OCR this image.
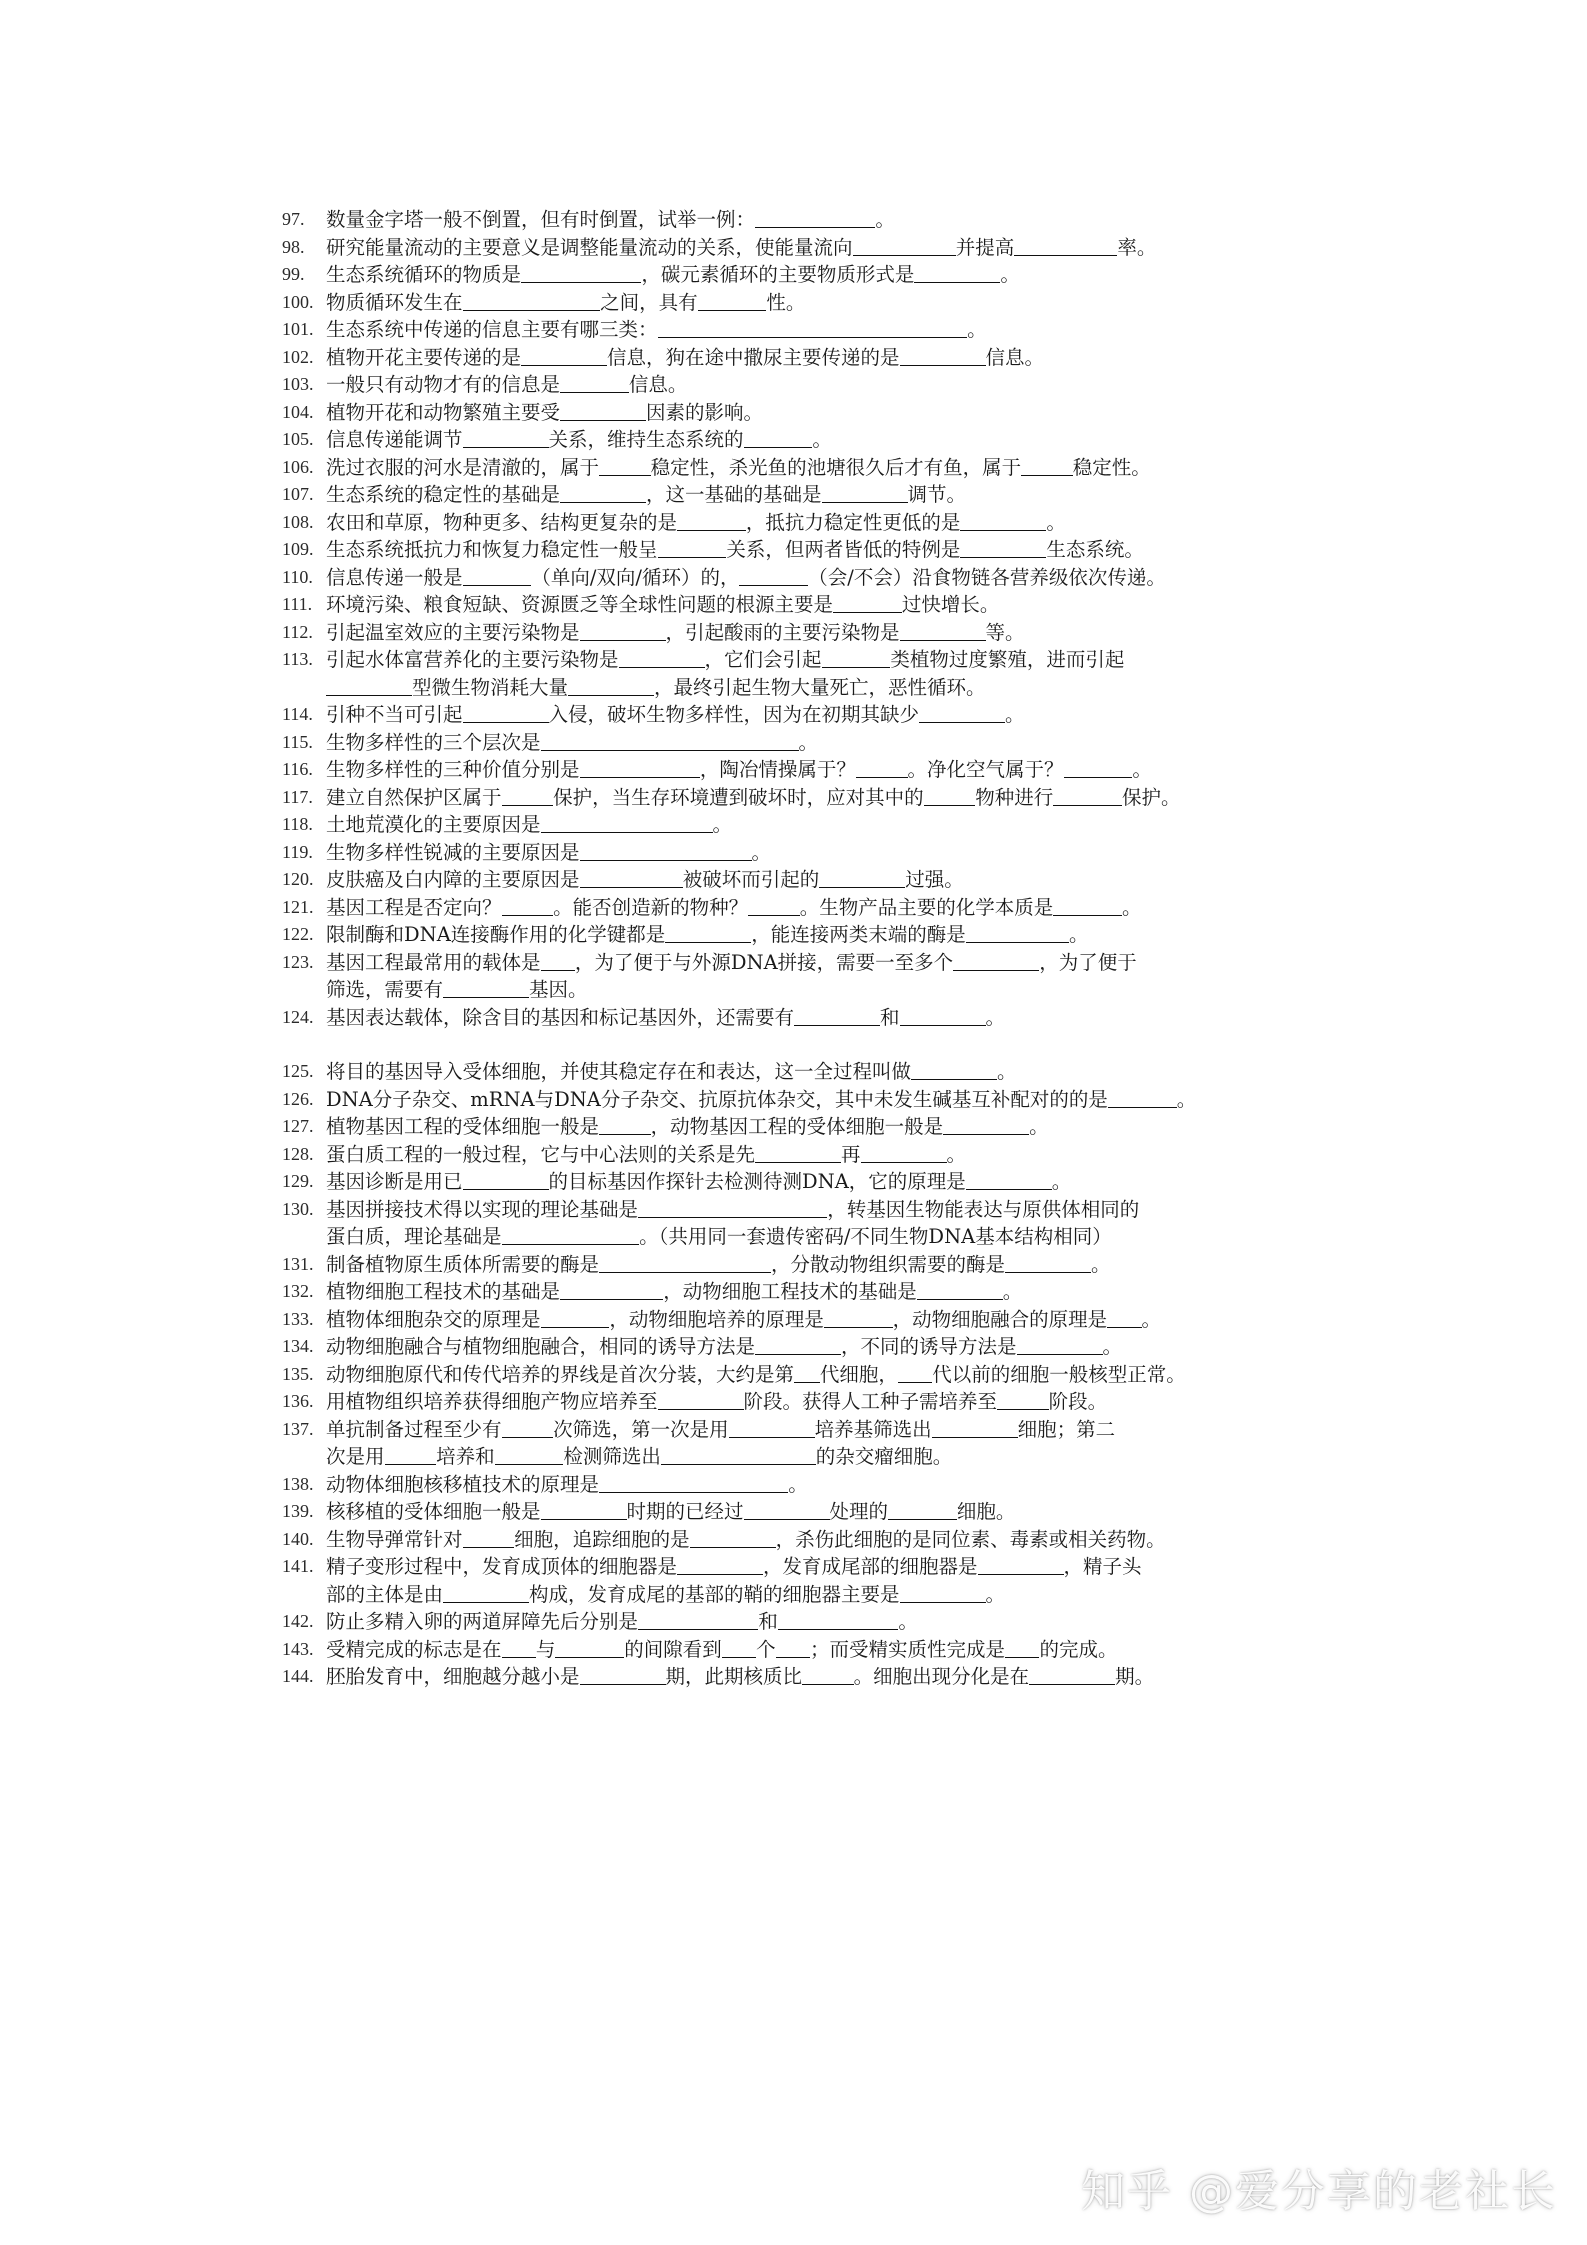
97.	数量金字塔一般不倒置，但有时倒置，试举一例：	。
98.	研究能量流动的主要意义是调整能量流动的关系，使能量流向	并提高	率。
99.	生态系统循环的物质是	，碳元素循环的主要物质形式是	。
100. 物质循环发生在	之间，具有	性。
101. 生态系统中传递的信息主要有哪三类：	。
102. 植物开花主要传递的是	信息，狗在途中撒尿主要传递的是	信息。
103. 一般只有动物才有的信息是	信息。
104. 植物开花和动物繁殖主要受	因素的影响。
105. 信息传递能调节	关系，维持生态系统的	。
106. 洗过衣服的河水是清澈的，属于	稳定性，杀光鱼的池塘很久后才有鱼，属于	稳定性。
107. 生态系统的稳定性的基础是	，这一基础的基础是	调节。
108. 农田和草原，物种更多、结构更复杂的是	，抵抗力稳定性更低的是	。
109. 生态系统抵抗力和恢复力稳定性一般呈	关系，但两者皆低的特例是	生态系统。
110. 信息传递一般是	（单向/双向/循环）的，	（会/不会）沿食物链各营养级依次传递。
111. 环境污染、粮食短缺、资源匮乏等全球性问题的根源主要是	过快增长。
112. 引起温室效应的主要污染物是	，引起酸雨的主要污染物是	等。
113. 引起水体富营养化的主要污染物是	，它们会引起	类植物过度繁殖，进而引起
型微生物消耗大量	，最终引起生物大量死亡，恶性循环。
114. 引种不当可引起	入侵，破坏生物多样性，因为在初期其缺少	。
115. 生物多样性的三个层次是	。
116. 生物多样性的三种价值分别是	，陶冶情操属于？	。净化空气属于？	。
117. 建立自然保护区属于	保护，当生存环境遭到破坏时，应对其中的	物种进行	保护。
118. 土地荒漠化的主要原因是	。
119. 生物多样性锐减的主要原因是	。
120. 皮肤癌及白内障的主要原因是	被破坏而引起的	过强。
121. 基因工程是否定向？	。能否创造新的物种？	。生物产品主要的化学本质是	。
122. 限制酶和DNA连接酶作用的化学键都是	，能连接两类末端的酶是	。
123. 基因工程最常用的载体是 ，为了便于与外源DNA拼接，需要一至多个	，为了便于
筛选，需要有	基因。
124. 基因表达载体，除含目的基因和标记基因外，还需要有	和	。
125. 将目的基因导入受体细胞，并使其稳定存在和表达，这一全过程叫做	。
126. DNA分子杂交、mRNA与DNA分子杂交、抗原抗体杂交，其中未发生碱基互补配对的的是	。
127. 植物基因工程的受体细胞一般是	，动物基因工程的受体细胞一般是	。
128. 蛋白质工程的一般过程，它与中心法则的关系是先	再	。
129. 基因诊断是用已	的目标基因作探针去检测待测DNA，它的原理是	。
130. 基因拼接技术得以实现的理论基础是	，转基因生物能表达与原供体相同的
蛋白质，理论基础是	。（共用同一套遗传密码/不同生物DNA基本结构相同）
131. 制备植物原生质体所需要的酶是	，分散动物组织需要的酶是	。
132. 植物细胞工程技术的基础是	，动物细胞工程技术的基础是	。
133. 植物体细胞杂交的原理是	，动物细胞培养的原理是	，动物细胞融合的原理是 。
134. 动物细胞融合与植物细胞融合，相同的诱导方法是	，不同的诱导方法是	。
135. 动物细胞原代和传代培养的界线是首次分装，大约是第 代细胞， 代以前的细胞一般核型正常。
136. 用植物组织培养获得细胞产物应培养至	阶段。获得人工种子需培养至	阶段。
137. 单抗制备过程至少有	次筛选，第一次是用	培养基筛选出	细胞；第二
次是用	培养和	检测筛选出	的杂交瘤细胞。
138. 动物体细胞核移植技术的原理是	。
139. 核移植的受体细胞一般是	时期的已经过	处理的	细胞。
140. 生物导弹常针对	细胞，追踪细胞的是	，杀伤此细胞的是同位素、毒素或相关药物。
141. 精子变形过程中，发育成顶体的细胞器是	，发育成尾部的细胞器是	，精子头
部的主体是由	构成，发育成尾的基部的鞘的细胞器主要是	。
142. 防止多精入卵的两道屏障先后分别是	和	。
143. 受精完成的标志是在 与	的间隙看到 个 ；而受精实质性完成是 的完成。
144. 胚胎发育中，细胞越分越小是	期，此期核质比	。细胞出现分化是在	期。
知乎 @爱分享的老社长
